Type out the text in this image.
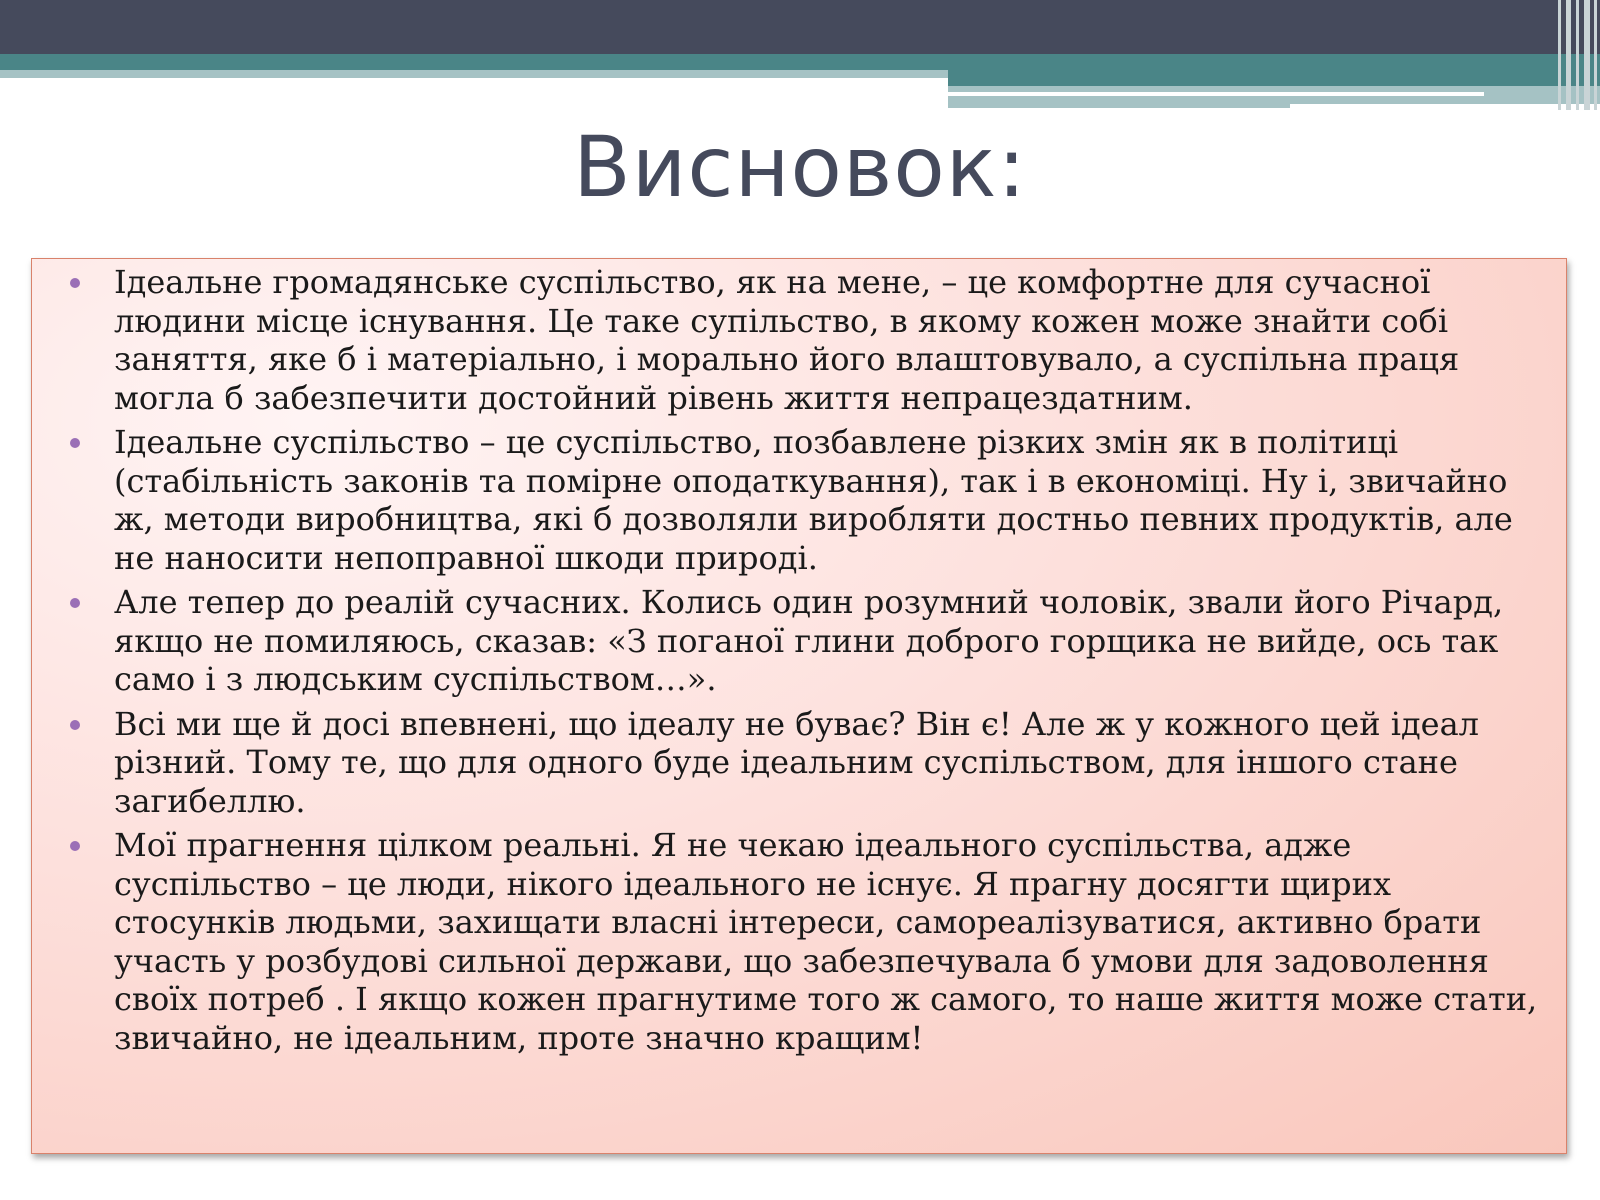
Висновок:
Ідеальне громадянське суспільство, як на мене, – це комфортне для сучасної людини місце існування. Це таке супільство, в якому кожен може знайти собі заняття, яке б і матеріально, і морально його влаштовувало, а суспільна праця могла б забезпечити достойний рівень життя непрацездатним.
Ідеальне суспільство – це суспільство, позбавлене різких змін як в політиці (стабільність законів та помірне оподаткування), так і в економіці. Ну і, звичайно ж, методи виробництва, які б дозволяли виробляти достньо певних продуктів, але не наносити непоправної шкоди природі.
Але тепер до реалій сучасних. Колись один розумний чоловік, звали його Річард, якщо не помиляюсь, сказав: «З поганої глини доброго горщика не вийде, ось так само і з людським суспільством…».
Всі ми ще й досі впевнені, що ідеалу не буває? Він є! Але ж у кожного цей ідеал різний. Тому те, що для одного буде ідеальним суспільством, для іншого стане загибеллю.
Мої прагнення цілком реальні. Я не чекаю ідеального суспільства, адже суспільство – це люди, нікого ідеального не існує. Я прагну досягти щирих стосунків людьми, захищати власні інтереси, самореалізуватися, активно брати участь у розбудові сильної держави, що забезпечувала б умови для задоволення своїх потреб . І якщо кожен прагнутиме того ж самого, то наше життя може стати, звичайно, не ідеальним, проте значно кращим!
